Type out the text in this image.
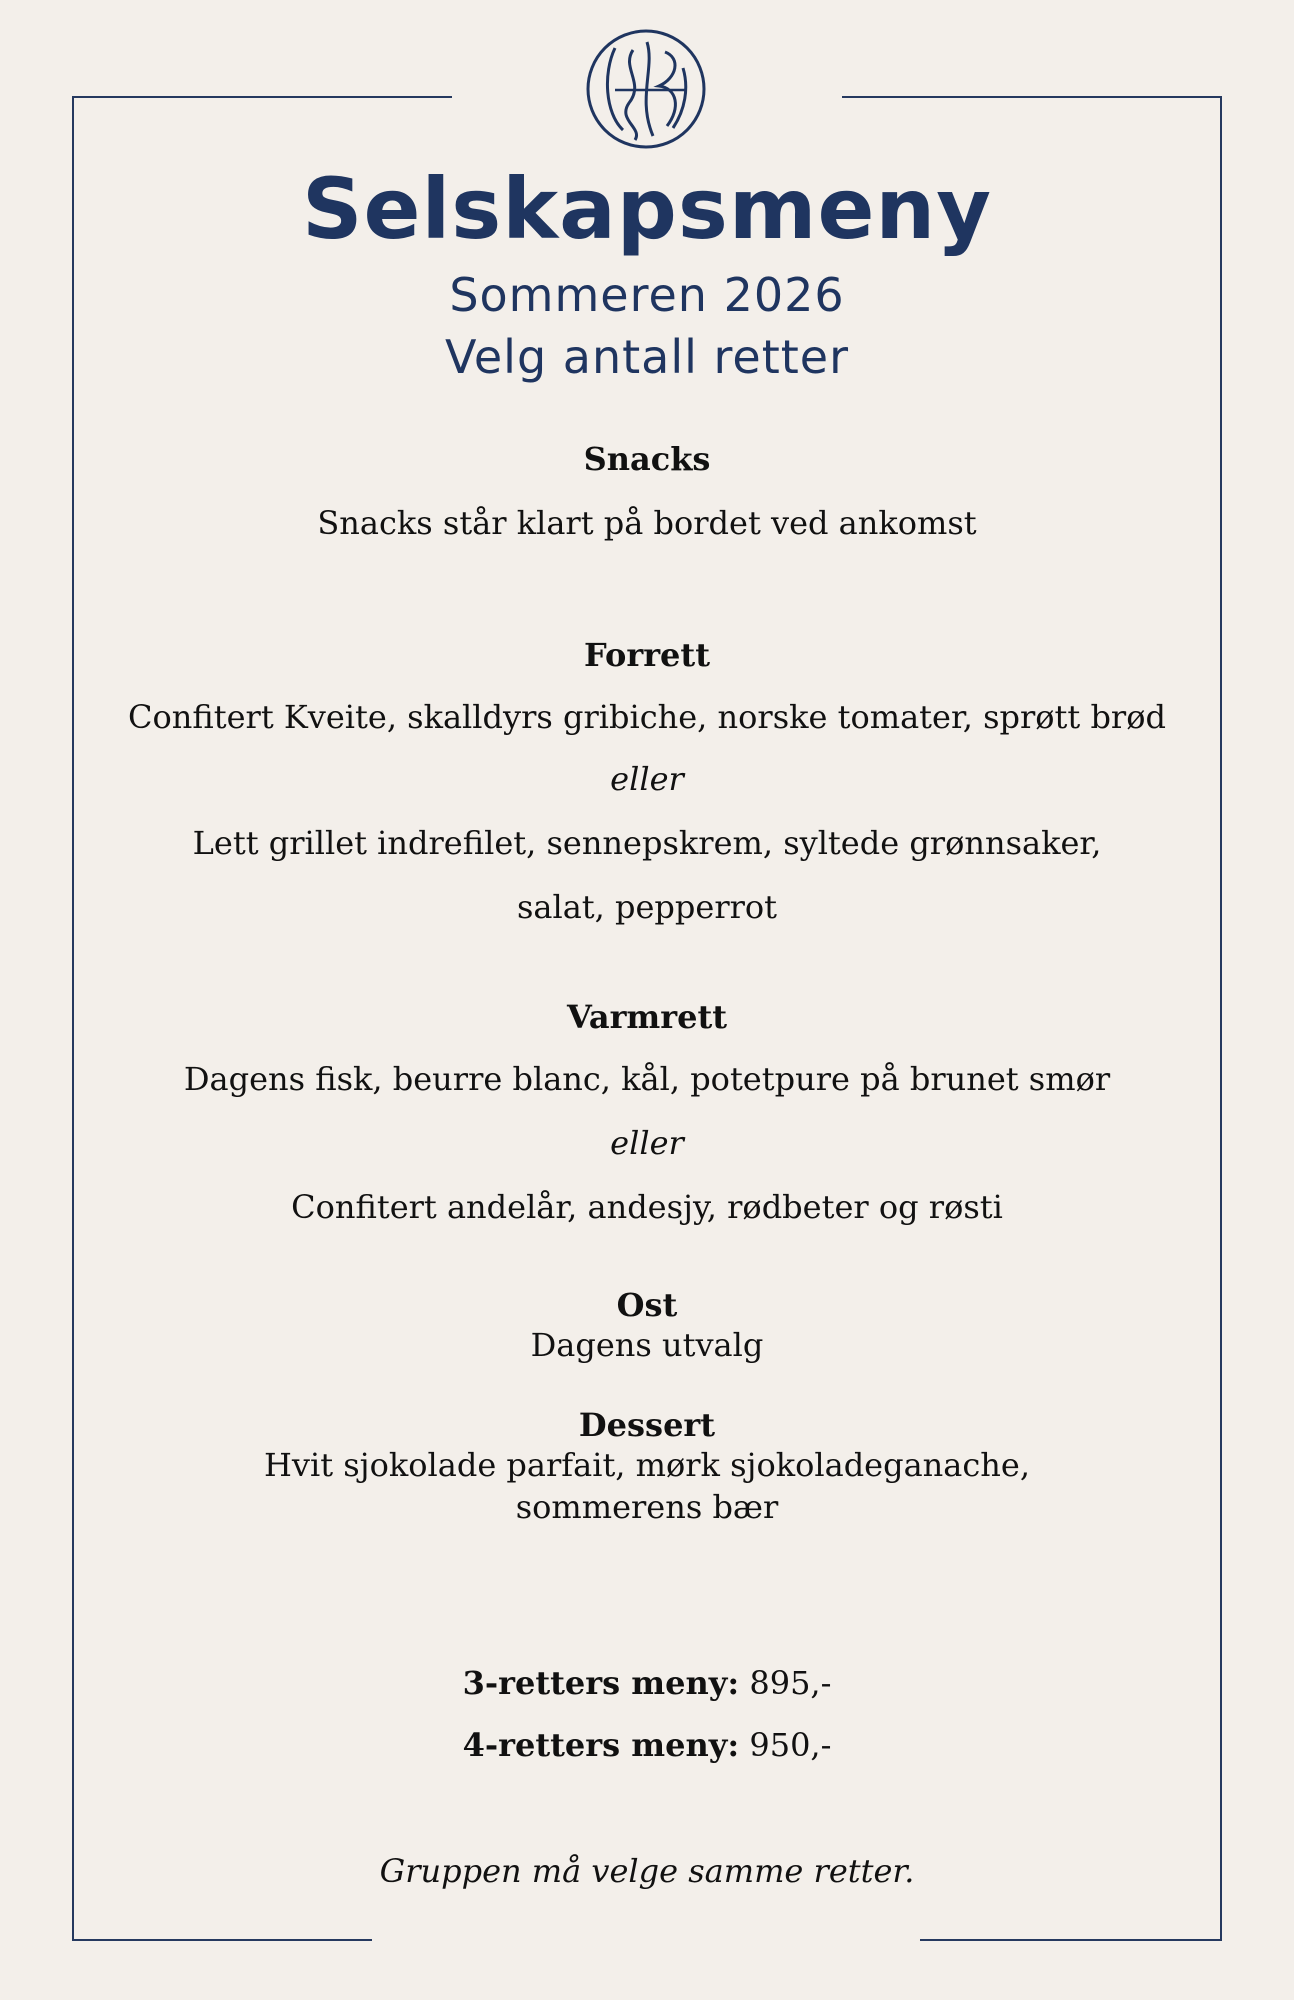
Selskapsmeny
Sommeren 2026
Velg antall retter
Snacks
Snacks står klart på bordet ved ankomst
Forrett
Confitert Kveite, skalldyrs gribiche, norske tomater, sprøtt brød
eller
Lett grillet indrefilet, sennepskrem, syltede grønnsaker,
salat, pepperrot
Varmrett
Dagens fisk, beurre blanc, kål, potetpure på brunet smør
eller
Confitert andelår, andesjy, rødbeter og røsti
Ost
Dagens utvalg
Dessert
Hvit sjokolade parfait, mørk sjokoladeganache,
sommerens bær
3-retters meny: 895,-
4-retters meny: 950,-
Gruppen må velge samme retter.
